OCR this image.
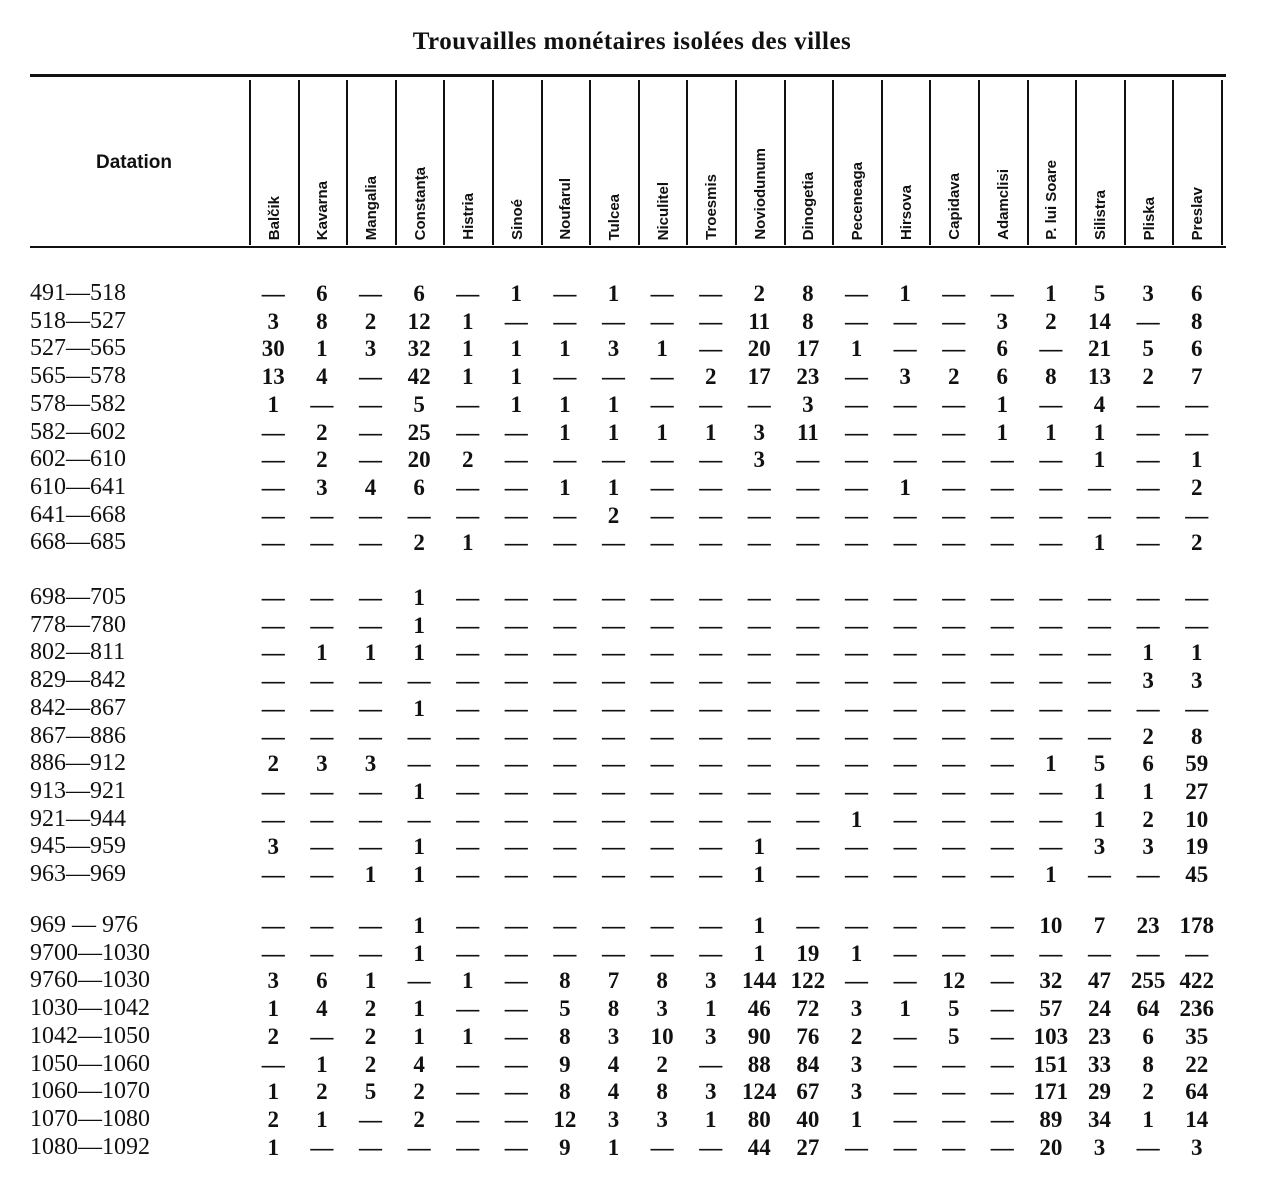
Trouvailles monétaires isolées des villes
Datation
Balčik Kavarna Mangalia Constanţa Histria Sinoé Noufarul Tulcea Niculitel Troesmis Noviodunum Dinogetia Peceneaga Hirsova Capidava Adamclisi P. lui Soare Silistra Pliska Preslav
491—518	—	6	—	6	—	1	—	1	—	—	2	8	—	1	—	—	1	5	3	6
518—527	3	8	2	12	1	—	—	—	—	—	11	8	—	—	—	3	2	14	—	8
527—565	30	1	3	32	1	1	1	3	1	—	20	17	1	—	—	6	—	21	5	6
565—578	13	4	—	42	1	1	—	—	—	2	17	23	—	3	2	6	8	13	2	7
578—582	1	—	—	5	—	1	1	1	—	—	—	3	—	—	—	1	—	4	—	—
582—602	—	2	—	25	—	—	1	1	1	1	3	11	—	—	—	1	1	1	—	—
602—610	—	2	—	20	2	—	—	—	—	—	3	—	—	—	—	—	—	1	—	1
610—641	—	3	4	6	—	—	1	1	—	—	—	—	—	1	—	—	—	—	—	2
641—668	—	—	—	—	—	—	—	2	—	—	—	—	—	—	—	—	—	—	—	—
668—685	—	—	—	2	1	—	—	—	—	—	—	—	—	—	—	—	—	1	—	2
698—705	—	—	—	1	—	—	—	—	—	—	—	—	—	—	—	—	—	—	—	—
778—780	—	—	—	1	—	—	—	—	—	—	—	—	—	—	—	—	—	—	—	—
802—811	—	1	1	1	—	—	—	—	—	—	—	—	—	—	—	—	—	—	1	1
829—842	—	—	—	—	—	—	—	—	—	—	—	—	—	—	—	—	—	—	3	3
842—867	—	—	—	1	—	—	—	—	—	—	—	—	—	—	—	—	—	—	—	—
867—886	—	—	—	—	—	—	—	—	—	—	—	—	—	—	—	—	—	—	2	8
886—912	2	3	3	—	—	—	—	—	—	—	—	—	—	—	—	—	1	5	6	59
913—921	—	—	—	1	—	—	—	—	—	—	—	—	—	—	—	—	—	1	1	27
921—944	—	—	—	—	—	—	—	—	—	—	—	—	1	—	—	—	—	1	2	10
945—959	3	—	—	1	—	—	—	—	—	—	1	—	—	—	—	—	—	3	3	19
963—969	—	—	1	1	—	—	—	—	—	—	1	—	—	—	—	—	1	—	—	45
969 — 976	—	—	—	1	—	—	—	—	—	—	1	—	—	—	—	—	10	7	23 178
9700—1030	—	—	—	1	—	—	—	—	—	—	1	19	1	—	—	—	—	—	—	—
9760—1030	3	6	1	—	1	—	8	7	8	3	144 122 —	—	12	—	32	47 255 422
1030—1042	1	4	2	1	—	—	5	8	3	1	46	72	3	1	5	—	57	24	64 236
1042—1050	2	—	2	1	1	—	8	3	10	3	90	76	2	—	5	— 103 23	6	35
1050—1060	—	1	2	4	—	—	9	4	2	—	88	84	3	—	—	— 151 33	8	22
1060—1070	1	2	5	2	—	—	8	4	8	3	124 67	3	—	—	— 171 29	2	64
1070—1080	2	1	—	2	—	—	12	3	3	1	80	40	1	—	—	—	89	34	1	14
1080—1092	1	—	—	—	—	—	9	1	—	—	44	27	—	—	—	—	20	3	—	3
